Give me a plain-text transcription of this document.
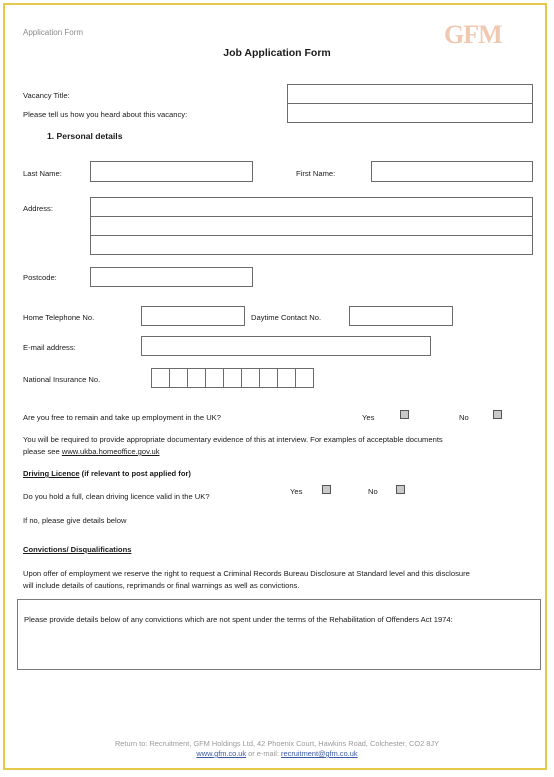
Application Form	GFM
Job Application Form
Vacancy Title:
Please tell us how you heard about this vacancy:
1. Personal details
Last Name:	First Name:
Address:
Postcode:
Home Telephone No.	Daytime Contact No.
E-mail address:
National Insurance No.
Are you free to remain and take up employment in the UK?	Yes	No
You will be required to provide appropriate documentary evidence of this at interview. For examples of acceptable documents
please see www.ukba.homeoffice.gov.uk
Driving Licence (if relevant to post applied for)
Do you hold a full, clean driving licence valid in the UK?
Yes	No
If no, please give details below
Convictions/ Disqualifications
Upon offer of employment we reserve the right to request a Criminal Records Bureau Disclosure at Standard level and this disclosure
will include details of cautions, reprimands or final warnings as well as convictions.
Please provide details below of any convictions which are not spent under the terms of the Rehabilitation of Offenders Act 1974:
Return to: Recruitment, GFM Holdings Ltd, 42 Phoenix Court, Hawkins Road, Colchester, CO2 8JY
www.gfm.co.uk or e-mail: recruitment@gfm.co.uk
